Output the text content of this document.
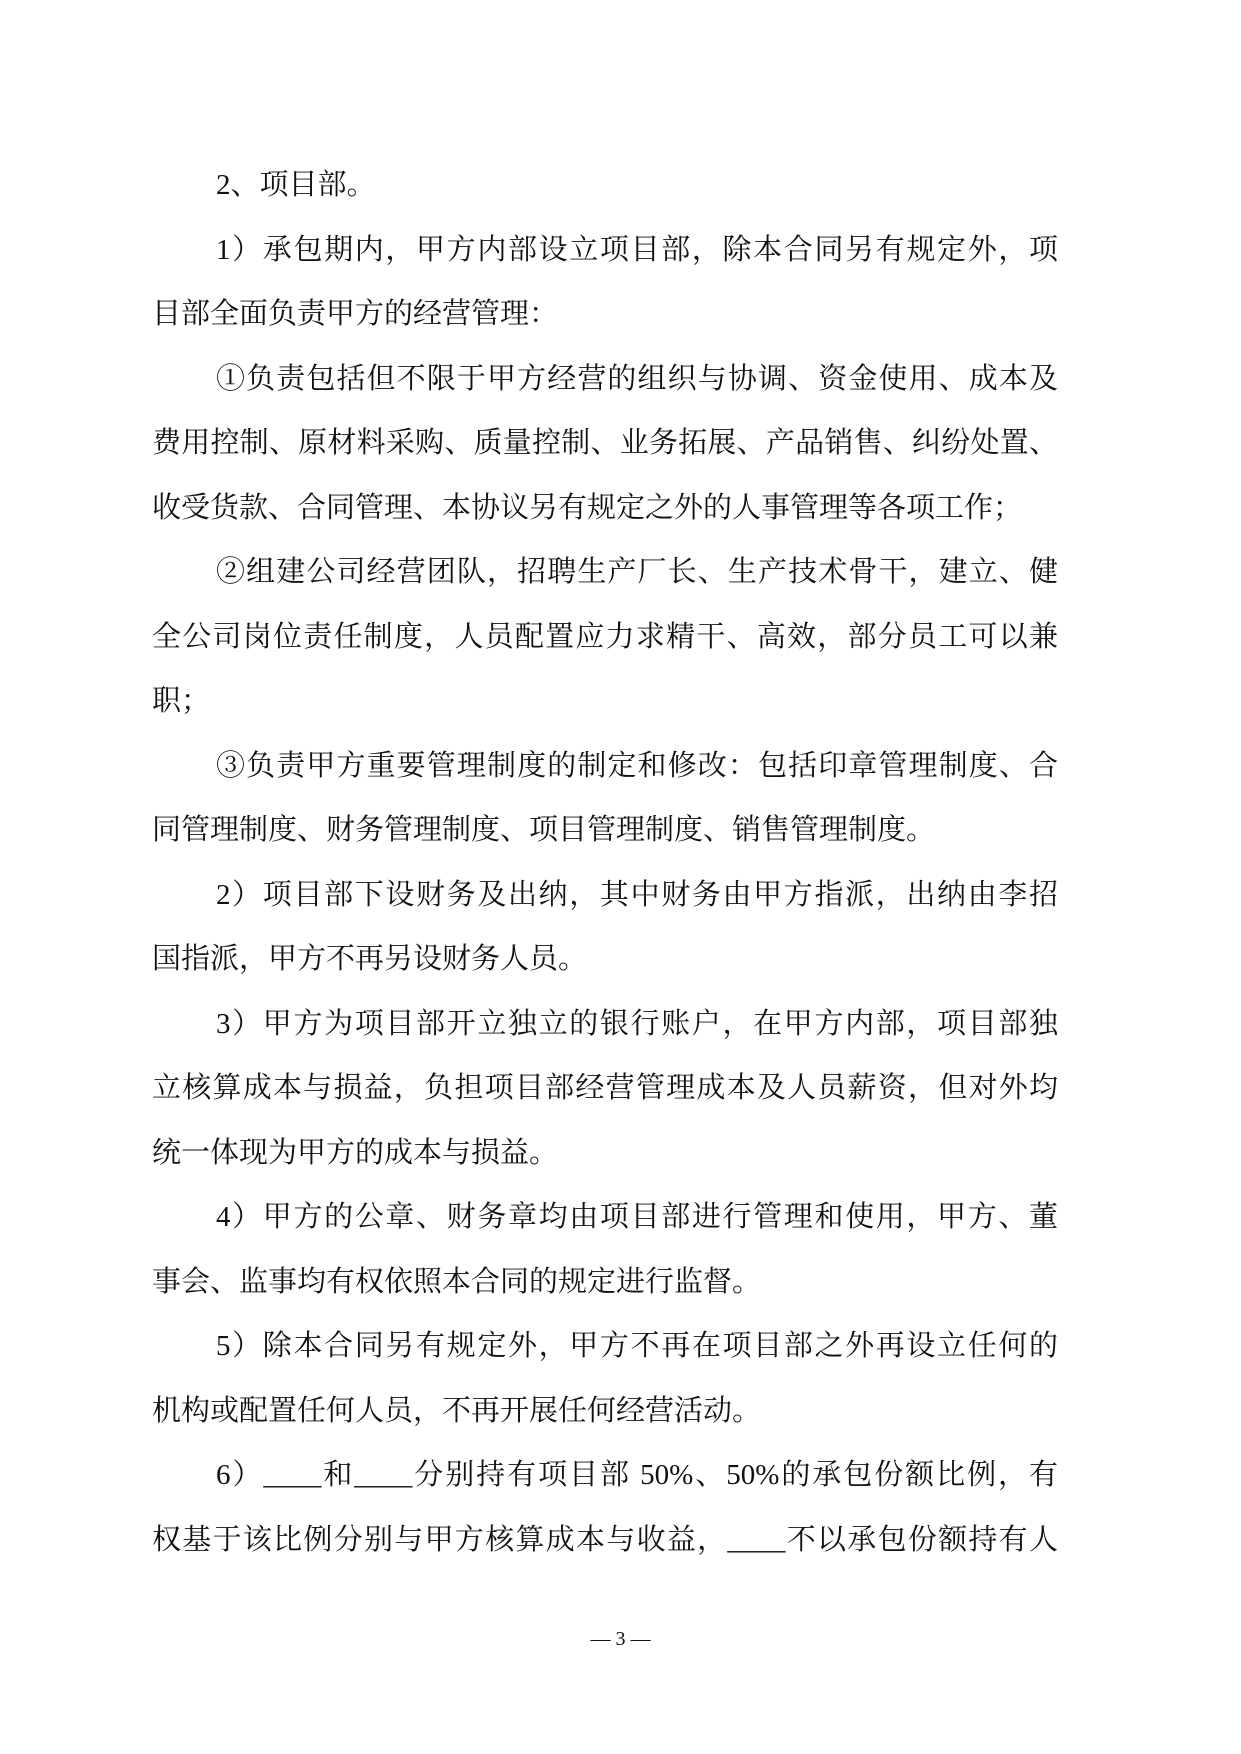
2、项目部。
1）承包期内，甲方内部设立项目部，除本合同另有规定外，项
目部全面负责甲方的经营管理：
①负责包括但不限于甲方经营的组织与协调、资金使用、成本及
费用控制、原材料采购、质量控制、业务拓展、产品销售、纠纷处置、
收受货款、合同管理、本协议另有规定之外的人事管理等各项工作；
②组建公司经营团队，招聘生产厂长、生产技术骨干，建立、健
全公司岗位责任制度，人员配置应力求精干、高效，部分员工可以兼
职；
③负责甲方重要管理制度的制定和修改：包括印章管理制度、合
同管理制度、财务管理制度、项目管理制度、销售管理制度。
2）项目部下设财务及出纳，其中财务由甲方指派，出纳由李招
国指派，甲方不再另设财务人员。
3）甲方为项目部开立独立的银行账户，在甲方内部，项目部独
立核算成本与损益，负担项目部经营管理成本及人员薪资，但对外均
统一体现为甲方的成本与损益。
4）甲方的公章、财务章均由项目部进行管理和使用，甲方、董
事会、监事均有权依照本合同的规定进行监督。
5）除本合同另有规定外，甲方不再在项目部之外再设立任何的
机构或配置任何人员，不再开展任何经营活动。
6）____和____分别持有项目部 50%、50%的承包份额比例，有
权基于该比例分别与甲方核算成本与收益，____不以承包份额持有人
— 3 —
